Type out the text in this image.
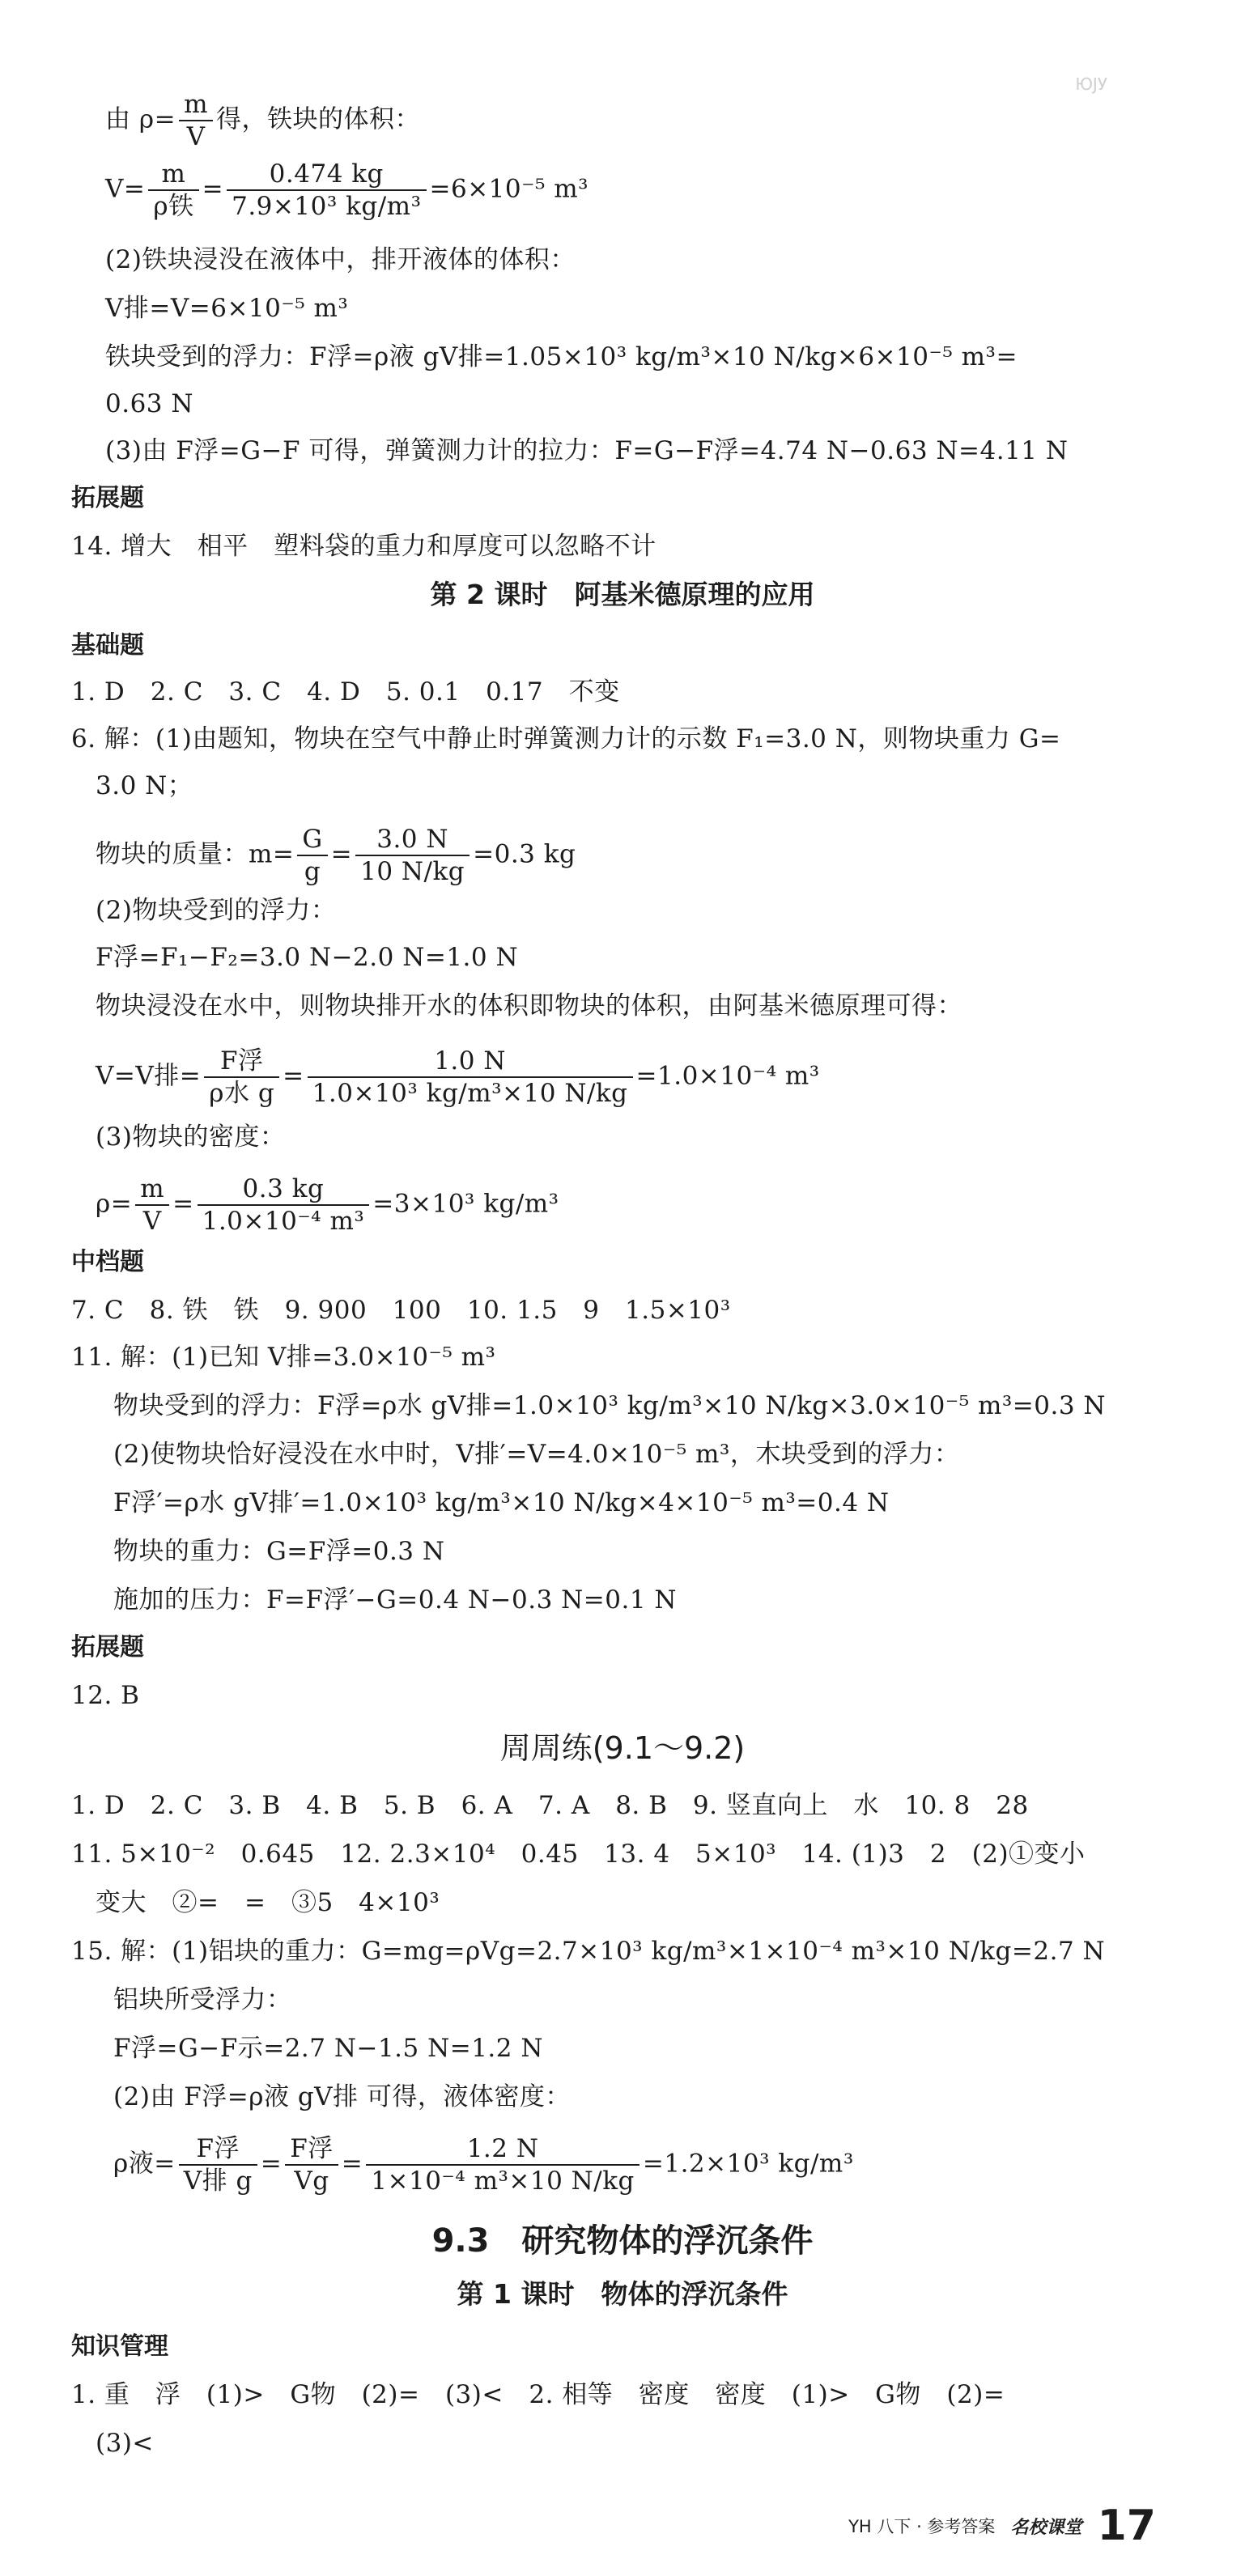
ЮЈУ
由 $\rho= \frac{m}{V}$ 得，铁块的体积：
$V= \frac{m}{\text{ρ铁}} = \frac{0.474 kg}{\text{7.9×10³ kg/m³}} =6\times 10^{-5}$ m³
(2)铁块浸没在液体中，排开液体的体积：
V排=V=6×10⁻⁵ m³
铁块受到的浮力：F浮=ρ液 gV排=1.05×10³ kg/m³×10 N/kg×6×10⁻⁵ m³=
0.63 N
(3)由 F浮=G−F 可得，弹簧测力计的拉力：F=G−F浮=4.74 N−0.63 N=4.11 N
拓展题
14. 增大　相平　塑料袋的重力和厚度可以忽略不计
第 2 课时　阿基米德原理的应用
基础题
1. D　2. C　3. C　4. D　5. 0.1　0.17　不变
6. 解：(1)由题知，物块在空气中静止时弹簧测力计的示数 F₁=3.0 N，则物块重力 G=
3.0 N；
物块的质量：$m= \frac{G}{g} = \frac{3.0 N}{10 N/kg} =0.3$ kg
(2)物块受到的浮力：
F浮=F₁−F₂=3.0 N−2.0 N=1.0 N
物块浸没在水中，则物块排开水的体积即物块的体积，由阿基米德原理可得：
V=V排= $\frac{\text{F浮}}{\text{ρ水 g}} = \frac{1.0 N}{\text{1.0×10³ kg/m³×10 N/kg}} =1.0\times 10^{-4}$ m³
(3)物块的密度：
$\rho= \frac{m}{V} = \frac{0.3 kg}{\text{1.0×10⁻⁴ m³}} =3\times 10^3$ kg/m³
中档题
7. C　8. 铁　铁　9. 900　100　10. 1.5　9　1.5×10³
11. 解：(1)已知 V排=3.0×10⁻⁵ m³
物块受到的浮力：F浮=ρ水 gV排=1.0×10³ kg/m³×10 N/kg×3.0×10⁻⁵ m³=0.3 N
(2)使物块恰好浸没在水中时，V排′=V=4.0×10⁻⁵ m³，木块受到的浮力：
F浮′=ρ水 gV排′=1.0×10³ kg/m³×10 N/kg×4×10⁻⁵ m³=0.4 N
物块的重力：G=F浮=0.3 N
施加的压力：F=F浮′−G=0.4 N−0.3 N=0.1 N
拓展题
12. B
周周练(9.1～9.2)
1. D　2. C　3. B　4. B　5. B　6. A　7. A　8. B　9. 竖直向上　水　10. 8　28
11. 5×10⁻²　0.645　12. 2.3×10⁴　0.45　13. 4　5×10³　14. (1)3　2　(2)①变小
变大　②=　=　③5　4×10³
15. 解：(1)铝块的重力：G=mg=ρVg=2.7×10³ kg/m³×1×10⁻⁴ m³×10 N/kg=2.7 N
铝块所受浮力：
F浮=G−F示=2.7 N−1.5 N=1.2 N
(2)由 F浮=ρ液 gV排 可得，液体密度：
ρ液= $\frac{\text{F浮}}{\text{V排 g}} = \frac{\text{F浮}}{Vg} = \frac{1.2 N}{\text{1×10⁻⁴ m³×10 N/kg}} =1.2\times 10^3$ kg/m³
9.3　研究物体的浮沉条件
第 1 课时　物体的浮沉条件
知识管理
1. 重　浮　(1)>　G物　(2)=　(3)<　2. 相等　密度　密度　(1)>　G物　(2)=
(3)<
YH 八下 · 参考答案 名校课堂 17
